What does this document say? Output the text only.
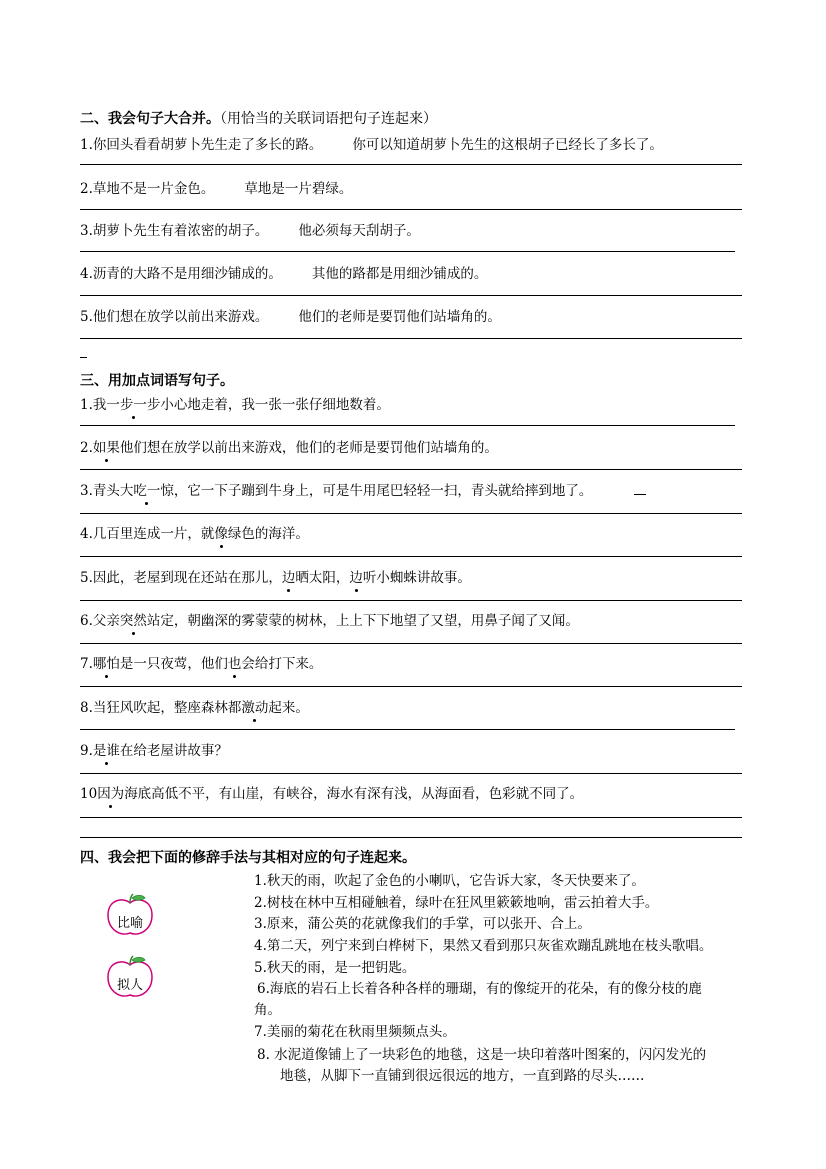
二、我会句子大合并。（用恰当的关联词语把句子连起来）
1.你回头看看胡萝卜先生走了多长的路。 你可以知道胡萝卜先生的这根胡子已经长了多长了。
2.草地不是一片金色。 草地是一片碧绿。
3.胡萝卜先生有着浓密的胡子。 他必须每天刮胡子。
4.沥青的大路不是用细沙铺成的。 其他的路都是用细沙铺成的。
5.他们想在放学以前出来游戏。 他们的老师是要罚他们站墙角的。
三、用加点词语写句子。
1.我一步一步小心地走着，我一张一张仔细地数着。
2.如果他们想在放学以前出来游戏，他们的老师是要罚他们站墙角的。
3.青头大吃一惊，它一下子蹦到牛身上，可是牛用尾巴轻轻一扫，青头就给摔到地了。
4.几百里连成一片，就像绿色的海洋。
5.因此，老屋到现在还站在那儿，边晒太阳，边听小蜘蛛讲故事。
6.父亲突然站定，朝幽深的雾蒙蒙的树林，上上下下地望了又望，用鼻子闻了又闻。
7.哪怕是一只夜莺，他们也会给打下来。
8.当狂风吹起，整座森林都激动起来。
9.是谁在给老屋讲故事？
10因为海底高低不平，有山崖，有峡谷，海水有深有浅，从海面看，色彩就不同了。
四、我会把下面的修辞手法与其相对应的句子连起来。
比喻
拟人
1.秋天的雨，吹起了金色的小喇叭，它告诉大家，冬天快要来了。
2.树枝在林中互相碰触着，绿叶在狂风里簌簌地响，雷云拍着大手。
3.原来，蒲公英的花就像我们的手掌，可以张开、合上。
4.第二天，列宁来到白桦树下，果然又看到那只灰雀欢蹦乱跳地在枝头歌唱。
5.秋天的雨，是一把钥匙。
6.海底的岩石上长着各种各样的珊瑚，有的像绽开的花朵，有的像分枝的鹿
角。
7.美丽的菊花在秋雨里频频点头。
8. 水泥道像铺上了一块彩色的地毯，这是一块印着落叶图案的，闪闪发光的
地毯，从脚下一直铺到很远很远的地方，一直到路的尽头……
